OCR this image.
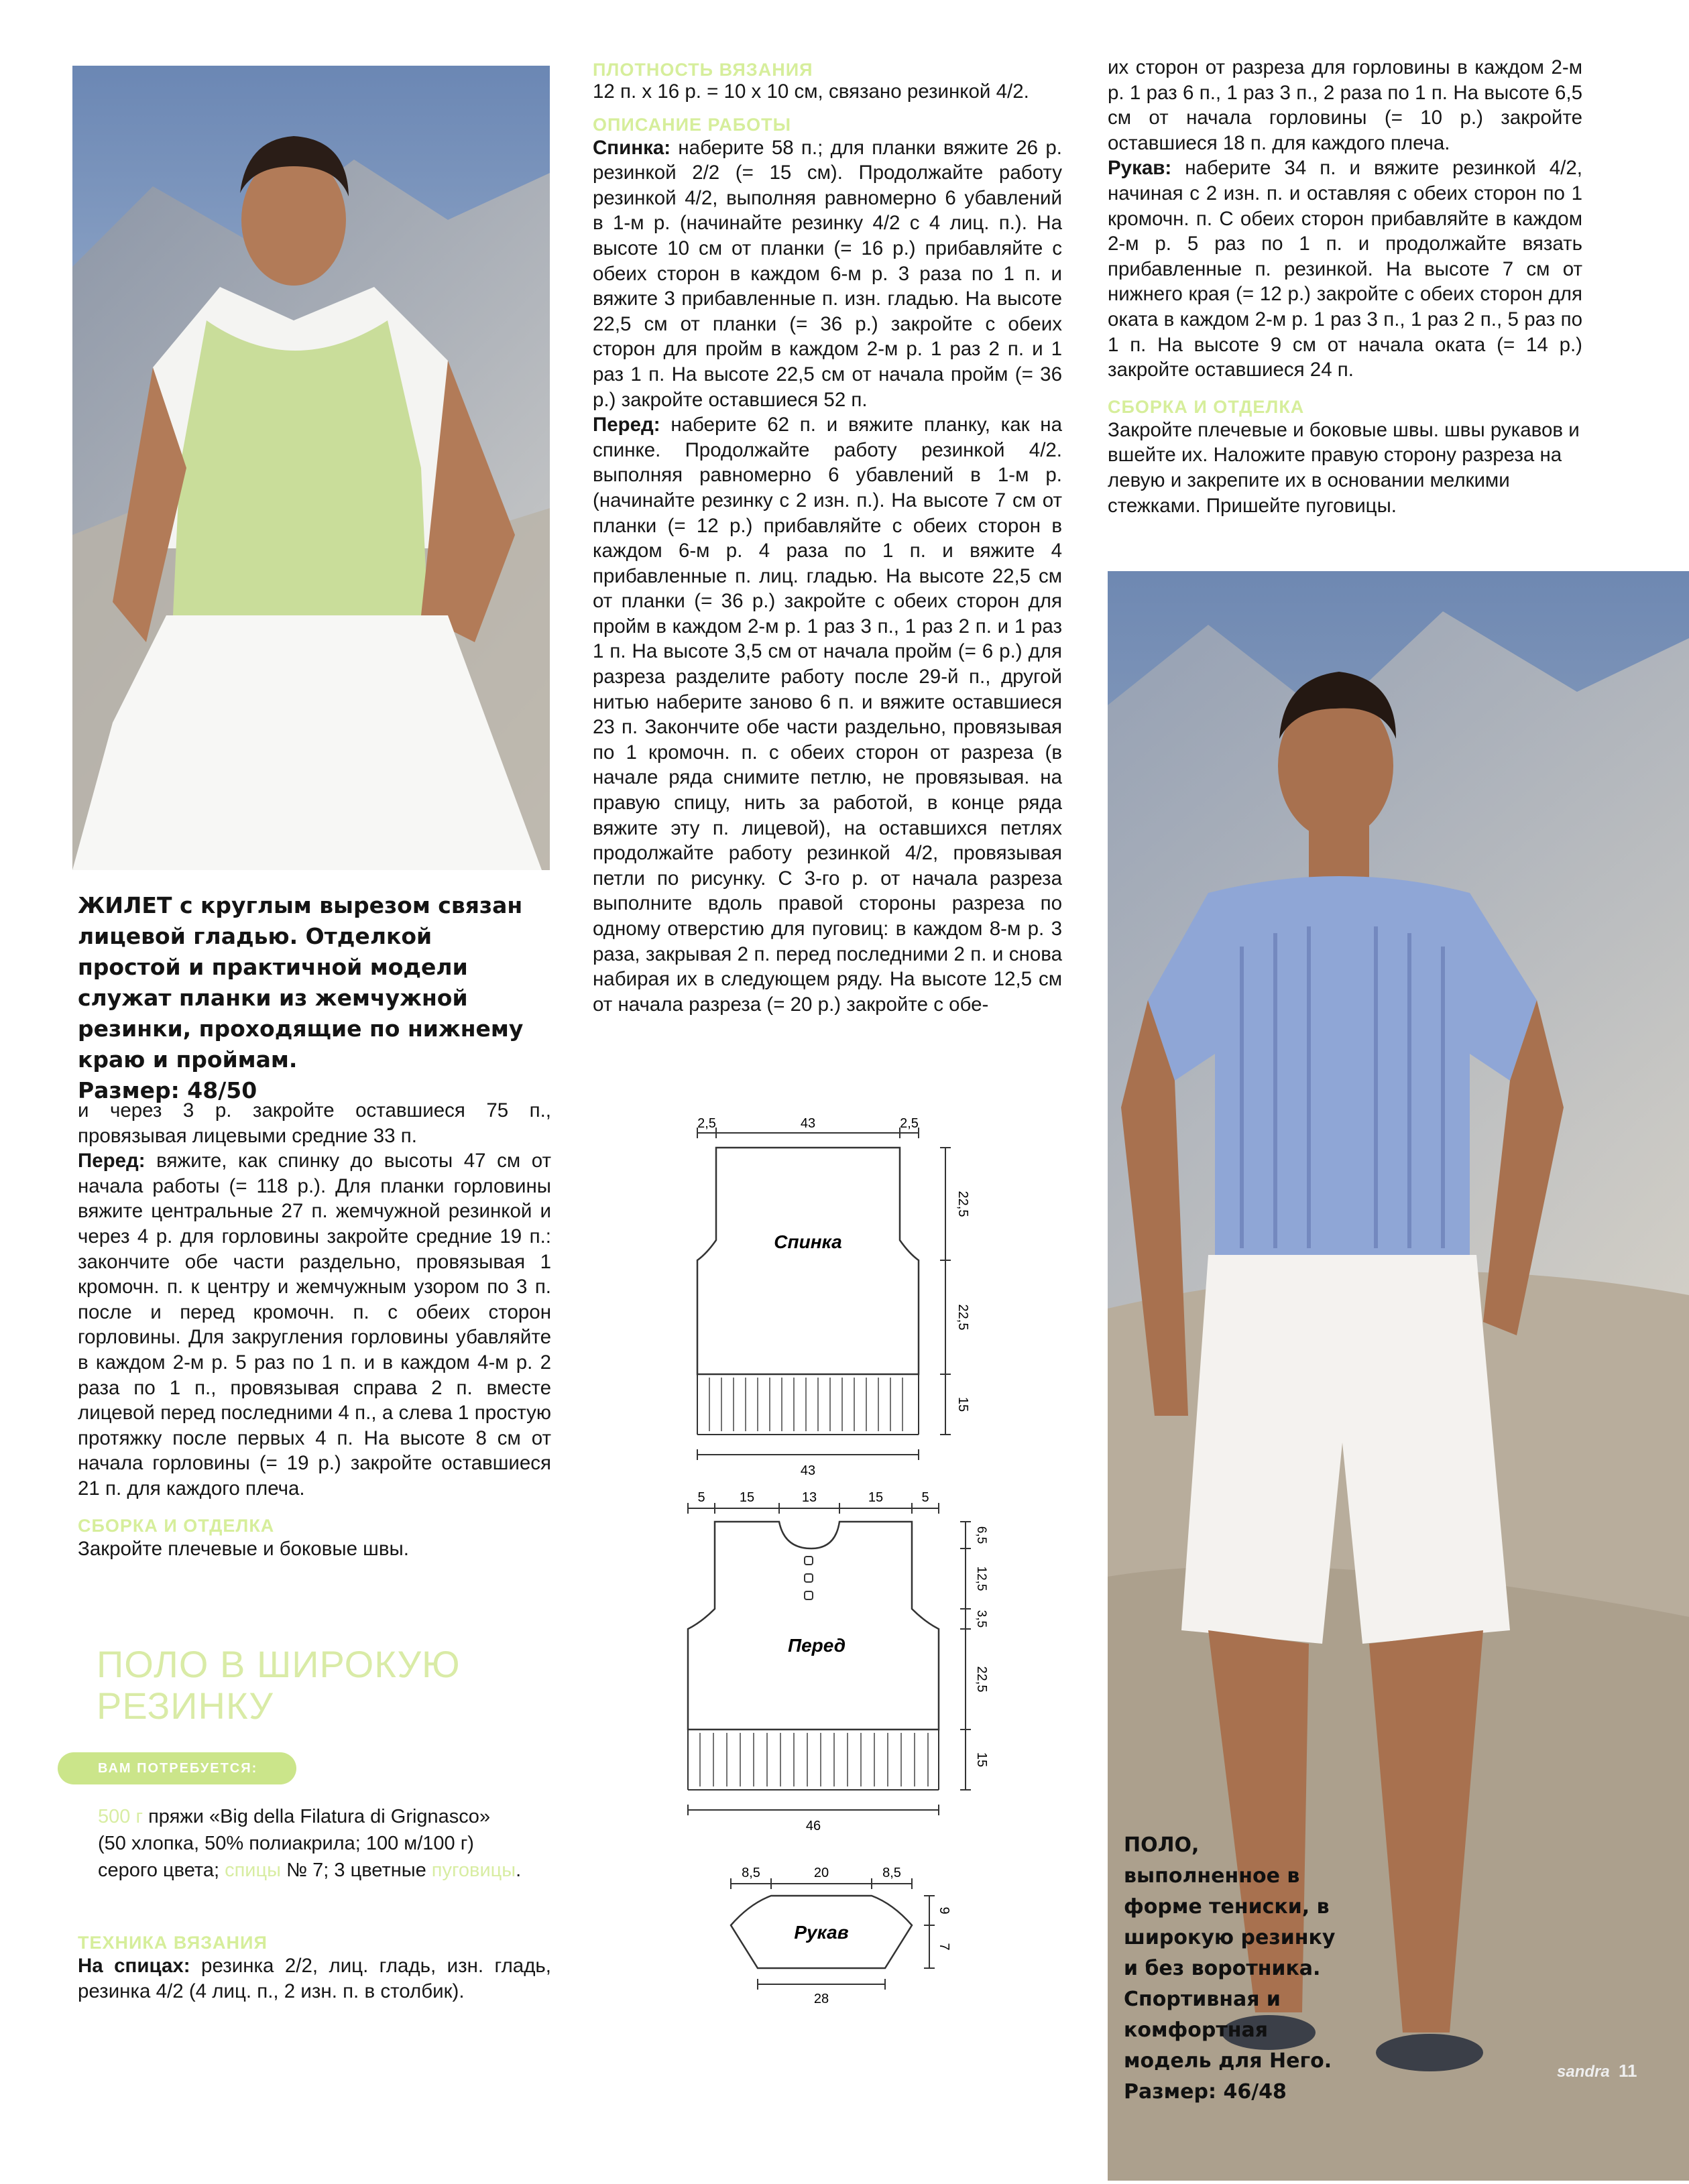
ЖИЛЕТ с круглым вырезом связан лицевой гладью. Отделкой простой и практичной модели служат планки из жемчужной резинки, проходящие по нижнему краю и проймам.
Размер: 48/50

и через 3 р. закройте оставшиеся 75 п., провязывая лицевыми средние 33 п.

Перед: вяжите, как спинку до высоты 47 см от начала работы (= 118 р.). Для планки горловины вяжите центральные 27 п. жемчужной резинкой и через 4 р. для горловины закройте средние 19 п.: закончите обе части раздельно, провязывая 1 кромочн. п. к центру и жемчужным узором по 3 п. после и перед кромочн. п. с обеих сторон горловины. Для закругления горловины убавляйте в каждом 2-м р. 5 раз по 1 п. и в каждом 4-м р. 2 раза по 1 п., провязывая справа 2 п. вместе лицевой перед последними 4 п., а слева 1 простую протяжку после первых 4 п. На высоте 8 см от начала горловины (= 19 р.) закройте оставшиеся 21 п. для каждого плеча.

СБОРКА И ОТДЕЛКА

Закройте плечевые и боковые швы.

ПОЛО В ШИРОКУЮ
РЕЗИНКУ
ВАМ ПОТРЕБУЕТСЯ:

500 г пряжи «Big della Filatura di Grignasco»

(50 хлопка, 50% полиакрила; 100 м/100 г)

серого цвета; спицы № 7; 3 цветные пуговицы.

ТЕХНИКА ВЯЗАНИЯ

На спицах: резинка 2/2, лиц. гладь, изн. гладь, резинка 4/2 (4 лиц. п., 2 изн. п. в столбик).

ПЛОТНОСТЬ ВЯЗАНИЯ

12 п. х 16 р. = 10 х 10 см, связано резинкой 4/2.

ОПИСАНИЕ РАБОТЫ

Спинка: наберите 58 п.; для планки вяжите 26 р. резинкой 2/2 (= 15 см). Продолжайте работу резинкой 4/2, выполняя равномерно 6 убавлений в 1-м р. (начинайте резинку 4/2 с 4 лиц. п.). На высоте 10 см от планки (= 16 р.) прибавляйте с обеих сторон в каждом 6-м р. 3 раза по 1 п. и вяжите 3 прибавленные п. изн. гладью. На высоте 22,5 см от планки (= 36 р.) закройте с обеих сторон для пройм в каждом 2-м р. 1 раз 2 п. и 1 раз 1 п. На высоте 22,5 см от начала пройм (= 36 р.) закройте оставшиеся 52 п.

Перед: наберите 62 п. и вяжите планку, как на спинке. Продолжайте работу резинкой 4/2. выполняя равномерно 6 убавлений в 1-м р. (начинайте резинку с 2 изн. п.). На высоте 7 см от планки (= 12 р.) прибавляйте с обеих сторон в каждом 6-м р. 4 раза по 1 п. и вяжите 4 прибавленные п. лиц. гладью. На высоте 22,5 см от планки (= 36 р.) закройте с обеих сторон для пройм в каждом 2-м р. 1 раз 3 п., 1 раз 2 п. и 1 раз 1 п. На высоте 3,5 см от начала пройм (= 6 р.) для разреза разделите работу после 29-й п., другой нитью наберите заново 6 п. и вяжите оставшиеся 23 п. Закончите обе части раздельно, провязывая по 1 кромочн. п. с обеих сторон от разреза (в начале ряда снимите петлю, не провязывая. на правую спицу, нить за работой, в конце ряда вяжите эту п. лицевой), на оставшихся петлях продолжайте работу резинкой 4/2, провязывая петли по рисунку. С 3-го р. от начала разреза выполните вдоль правой стороны разреза по одному отверстию для пуговиц: в каждом 8-м р. 3 раза, закрывая 2 п. перед последними 2 п. и снова набирая их в следующем ряду. На высоте 12,5 см от начала разреза (= 20 р.) закройте с обе-

2,5	43	2,5
Спинка
22,5
22,5
15
43
5	15	13	15	5
Перед
6,5
12,5
3,5
22,5
15
46
8,5	20	8,5
Рукав
9
7
28

их сторон от разреза для горловины в каждом 2-м р. 1 раз 6 п., 1 раз 3 п., 2 раза по 1 п. На высоте 6,5 см от начала горловины (= 10 р.) закройте оставшиеся 18 п. для каждого плеча.

Рукав: наберите 34 п. и вяжите резинкой 4/2, начиная с 2 изн. п. и оставляя с обеих сторон по 1 кромочн. п. С обеих сторон прибавляйте в каждом 2-м р. 5 раз по 1 п. и продолжайте вязать прибавленные п. резинкой. На высоте 7 см от нижнего края (= 12 р.) закройте с обеих сторон для оката в каждом 2-м р. 1 раз 3 п., 1 раз 2 п., 5 раз по 1 п. На высоте 9 см от начала оката (= 14 р.) закройте оставшиеся 24 п.

СБОРКА И ОТДЕЛКА

Закройте плечевые и боковые швы. швы рукавов и вшейте их. Наложите правую сторону разреза на левую и закрепите их в основании мелкими стежками. Пришейте пуговицы.

ПОЛО, выполненное в форме тениски, в широкую резинку и без воротника. Спортивная и комфортная модель для Него.
Размер: 46/48
sandra 11
